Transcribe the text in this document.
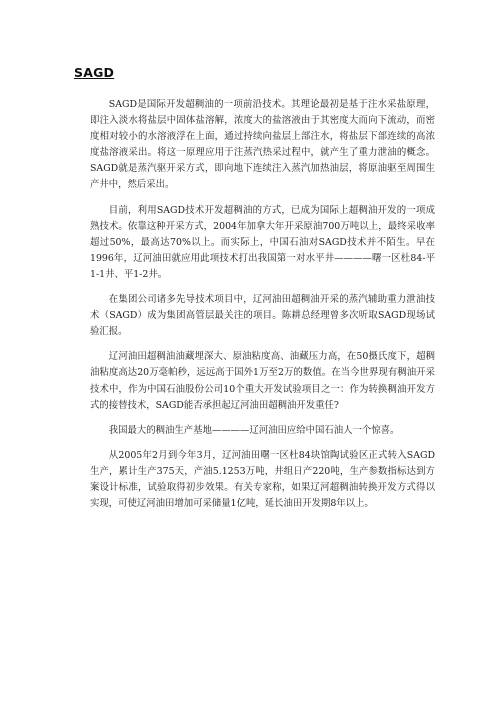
SAGD

SAGD是国际开发超稠油的一项前沿技术。其理论最初是基于注水采盐原理，即注入淡水将盐层中固体盐溶解，浓度大的盐溶液由于其密度大而向下流动，而密度相对较小的水溶液浮在上面，通过持续向盐层上部注水，将盐层下部连续的高浓度盐溶液采出。将这一原理应用于注蒸汽热采过程中，就产生了重力泄油的概念。SAGD就是蒸汽驱开采方式，即向地下连续注入蒸汽加热油层，将原油驱至周围生产井中，然后采出。

目前，利用SAGD技术开发超稠油的方式，已成为国际上超稠油开发的一项成熟技术。依靠这种开采方式，2004年加拿大年开采原油700万吨以上，最终采收率超过50%，最高达70%以上。而实际上，中国石油对SAGD技术并不陌生。早在1996年，辽河油田就应用此项技术打出我国第一对水平井————曙一区杜84-平1-1井、平1-2井。

在集团公司诸多先导技术项目中，辽河油田超稠油开采的蒸汽辅助重力泄油技术（SAGD）成为集团高管层最关注的项目。陈耕总经理曾多次听取SAGD现场试验汇报。

辽河油田超稠油油藏埋深大、原油粘度高、油藏压力高，在50摄氏度下，超稠油粘度高达20万毫帕秒，远远高于国外1万至2万的数值。在当今世界现有稠油开采技术中，作为中国石油股份公司10个重大开发试验项目之一：作为转换稠油开发方式的接替技术，SAGD能否承担起辽河油田超稠油开发重任?

我国最大的稠油生产基地————辽河油田应给中国石油人一个惊喜。

从2005年2月到今年3月，辽河油田曙一区杜84块馆陶试验区正式转入SAGD生产，累计生产375天，产油5.1253万吨，井组日产220吨，生产参数指标达到方案设计标准，试验取得初步效果。有关专家称，如果辽河超稠油转换开发方式得以实现，可使辽河油田增加可采储量1亿吨，延长油田开发期8年以上。
